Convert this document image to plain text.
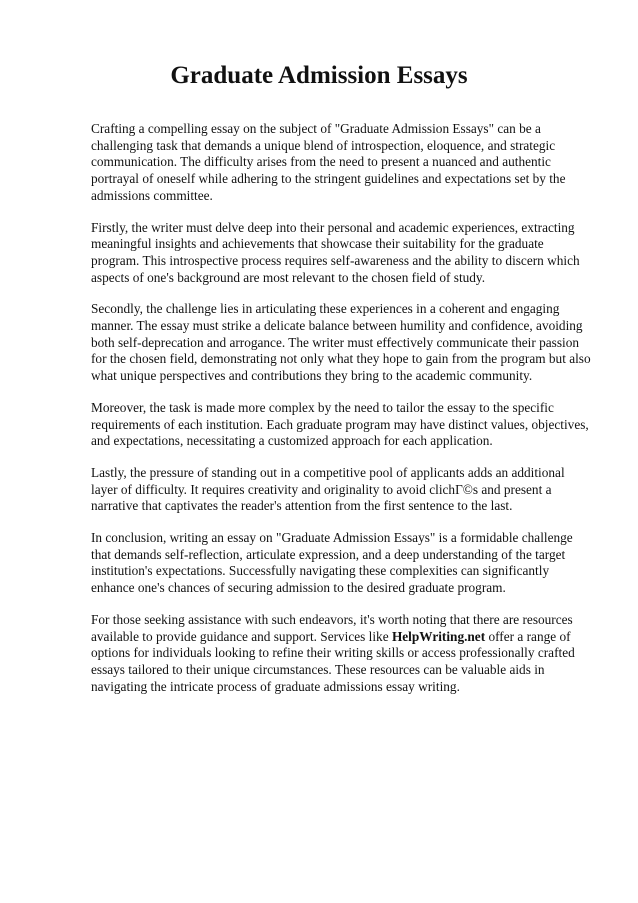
Graduate Admission Essays

Crafting a compelling essay on the subject of "Graduate Admission Essays" can be a challenging task that demands a unique blend of introspection, eloquence, and strategic communication. The difficulty arises from the need to present a nuanced and authentic portrayal of oneself while adhering to the stringent guidelines and expectations set by the admissions committee.

Firstly, the writer must delve deep into their personal and academic experiences, extracting meaningful insights and achievements that showcase their suitability for the graduate program. This introspective process requires self-awareness and the ability to discern which aspects of one's background are most relevant to the chosen field of study.

Secondly, the challenge lies in articulating these experiences in a coherent and engaging manner. The essay must strike a delicate balance between humility and confidence, avoiding both self-deprecation and arrogance. The writer must effectively communicate their passion for the chosen field, demonstrating not only what they hope to gain from the program but also what unique perspectives and contributions they bring to the academic community.

Moreover, the task is made more complex by the need to tailor the essay to the specific requirements of each institution. Each graduate program may have distinct values, objectives, and expectations, necessitating a customized approach for each application.

Lastly, the pressure of standing out in a competitive pool of applicants adds an additional layer of difficulty. It requires creativity and originality to avoid clichГ©s and present a narrative that captivates the reader's attention from the first sentence to the last.

In conclusion, writing an essay on "Graduate Admission Essays" is a formidable challenge that demands self-reflection, articulate expression, and a deep understanding of the target institution's expectations. Successfully navigating these complexities can significantly enhance one's chances of securing admission to the desired graduate program.

For those seeking assistance with such endeavors, it's worth noting that there are resources available to provide guidance and support. Services like HelpWriting.net offer a range of options for individuals looking to refine their writing skills or access professionally crafted essays tailored to their unique circumstances. These resources can be valuable aids in navigating the intricate process of graduate admissions essay writing.
